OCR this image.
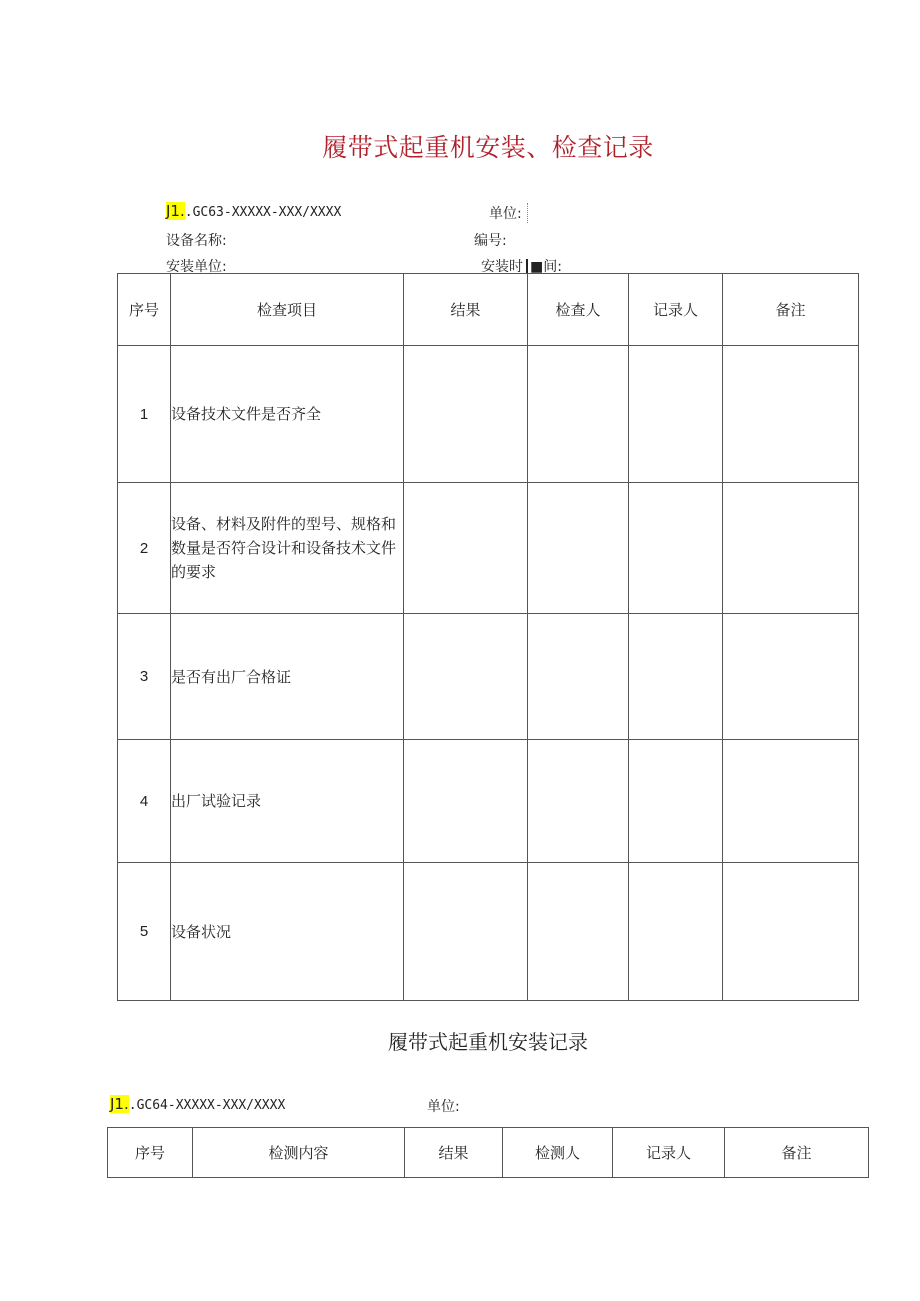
履带式起重机安装、检查记录
J1..GC63-XXXXX-XXX/XXXX	单位:
设备名称:	编号:
安装单位:	安装时 ■间:
序号	检查项目	结果	检查人	记录人	备注
1	设备技术文件是否齐全				
2	设备、材料及附件的型号、规格和数量是否符合设计和设备技术文件的要求				
3	是否有出厂合格证				
4	出厂试验记录				
5	设备状况				
履带式起重机安装记录
J1..GC64-XXXXX-XXX/XXXX	单位:
序号	检测内容	结果	检测人	记录人	备注
